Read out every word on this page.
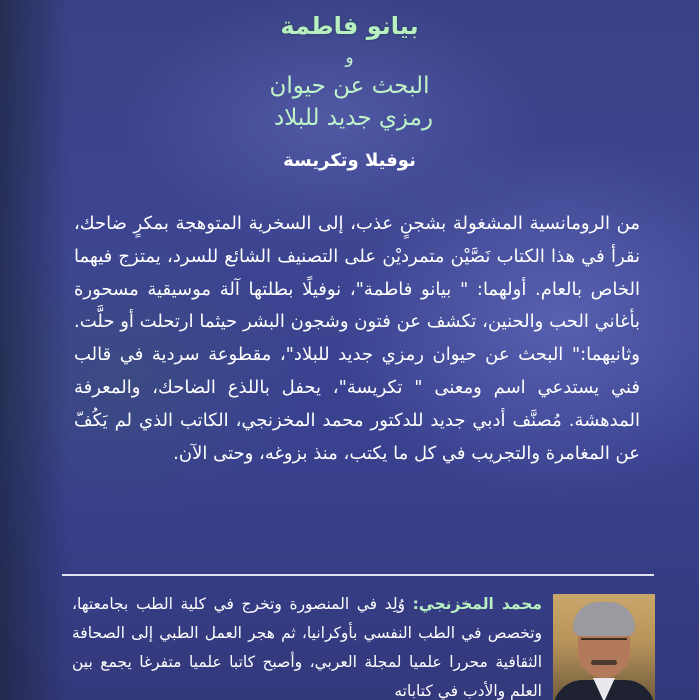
بيانو فاطمة
و
البحث عن حيوان
رمزي جديد للبلاد
نوفيلا وتكريسة
من الرومانسية المشغولة بشجنٍ عذب، إلى السخرية المتوهجة بمكرٍ ضاحك، نقرأ في هذا الكتاب نَصَّيْن متمرديْن على التصنيف الشائع للسرد، يمتزج فيهما الخاص بالعام. أولهما: " بيانو فاطمة"، نوفيلًا بطلتها آلة موسيقية مسحورة بأغاني الحب والحنين، تكشف عن فتون وشجون البشر حيثما ارتحلت أو حلَّت. وثانيهما:" البحث عن حيوان رمزي جديد للبلاد"، مقطوعة سردية في قالب فني يستدعي اسم ومعنى " تكريسة"، يحفل باللذع الضاحك، والمعرفة المدهشة. مُصنَّف أدبي جديد للدكتور محمد المخزنجي، الكاتب الذي لم يَكُفّ عن المغامرة والتجريب في كل ما يكتب، منذ بزوغه، وحتى الآن.
محمد المخزنجي: وُلِد في المنصورة وتخرج في كلية الطب بجامعتها، وتخصص في الطب النفسي بأوكرانيا، ثم هجر العمل الطبي إلى الصحافة الثقافية محررا علميا لمجلة العربي، وأصبح كاتبا علميا متفرغا يجمع بين العلم والأدب في كتاباته
